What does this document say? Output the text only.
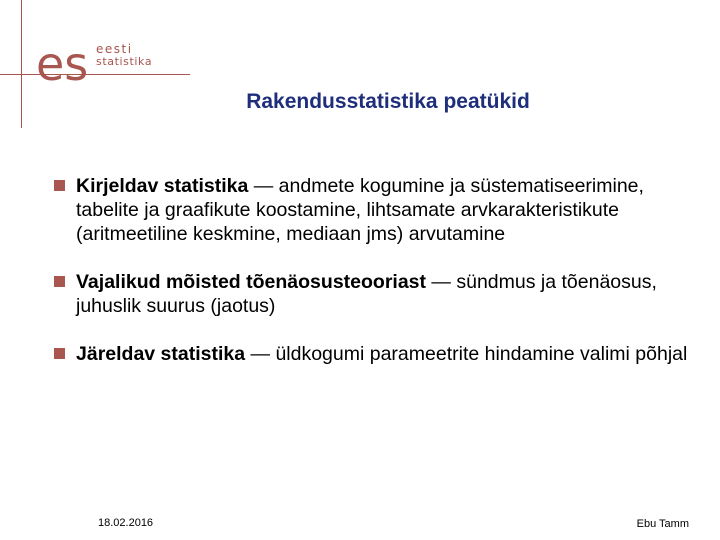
es eesti
statistika
Rakendusstatistika peatükid
Kirjeldav statistika — andmete kogumine ja süstematiseerimine, tabelite ja graafikute koostamine, lihtsamate arvkarakteristikute (aritmeetiline keskmine, mediaan jms) arvutamine
Vajalikud mõisted tõenäosusteooriast — sündmus ja tõenäosus, juhuslik suurus (jaotus)
Järeldav statistika — üldkogumi parameetrite hindamine valimi põhjal
18.02.2016	Ebu Tamm
